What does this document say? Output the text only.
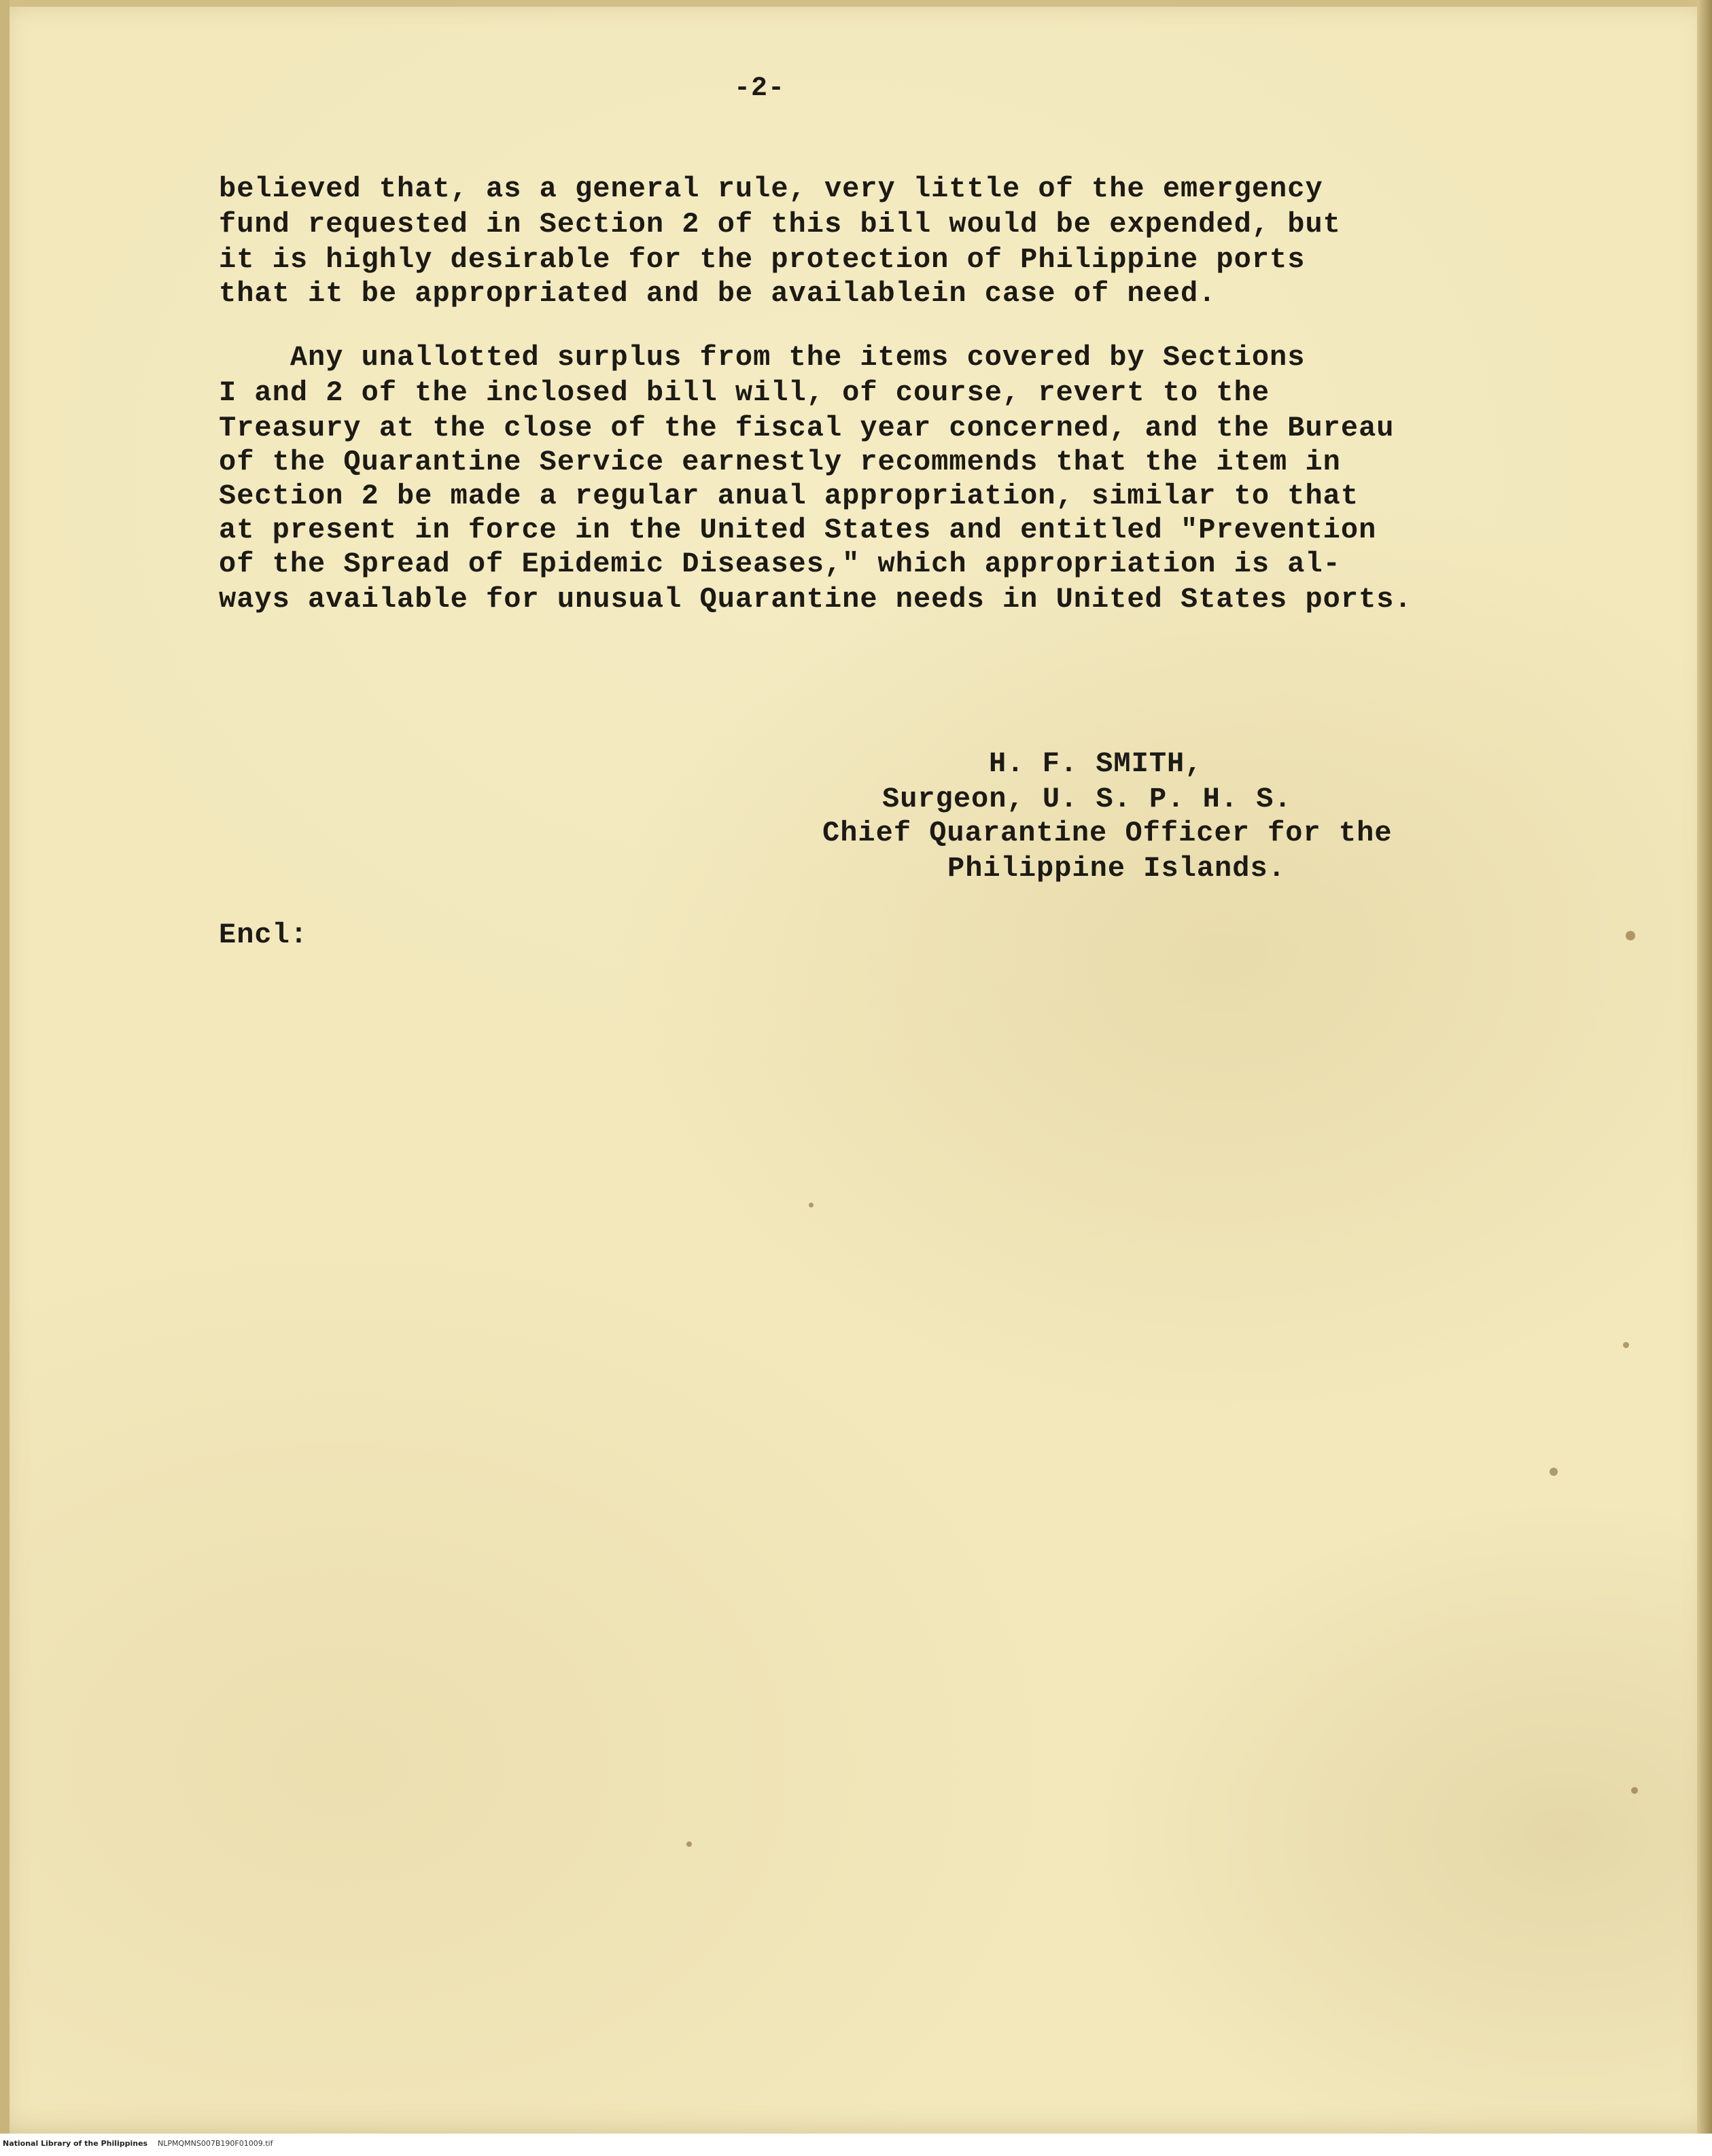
-2-
believed that, as a general rule, very little of the emergency
fund requested in Section 2 of this bill would be expended, but
it is highly desirable for the protection of Philippine ports
that it be appropriated and be availablein case of need.
Any unallotted surplus from the items covered by Sections
I and 2 of the inclosed bill will, of course, revert to the
Treasury at the close of the fiscal year concerned, and the Bureau
of the Quarantine Service earnestly recommends that the item in
Section 2 be made a regular anual appropriation, similar to that
at present in force in the United States and entitled "Prevention
of the Spread of Epidemic Diseases," which appropriation is al-
ways available for unusual Quarantine needs in United States ports.
H. F. SMITH,
Surgeon, U. S. P. H. S.
Chief Quarantine Officer for the
Philippine Islands.
Encl:
National Library of the Philippines NLPMQMNS007B190F01009.tif
